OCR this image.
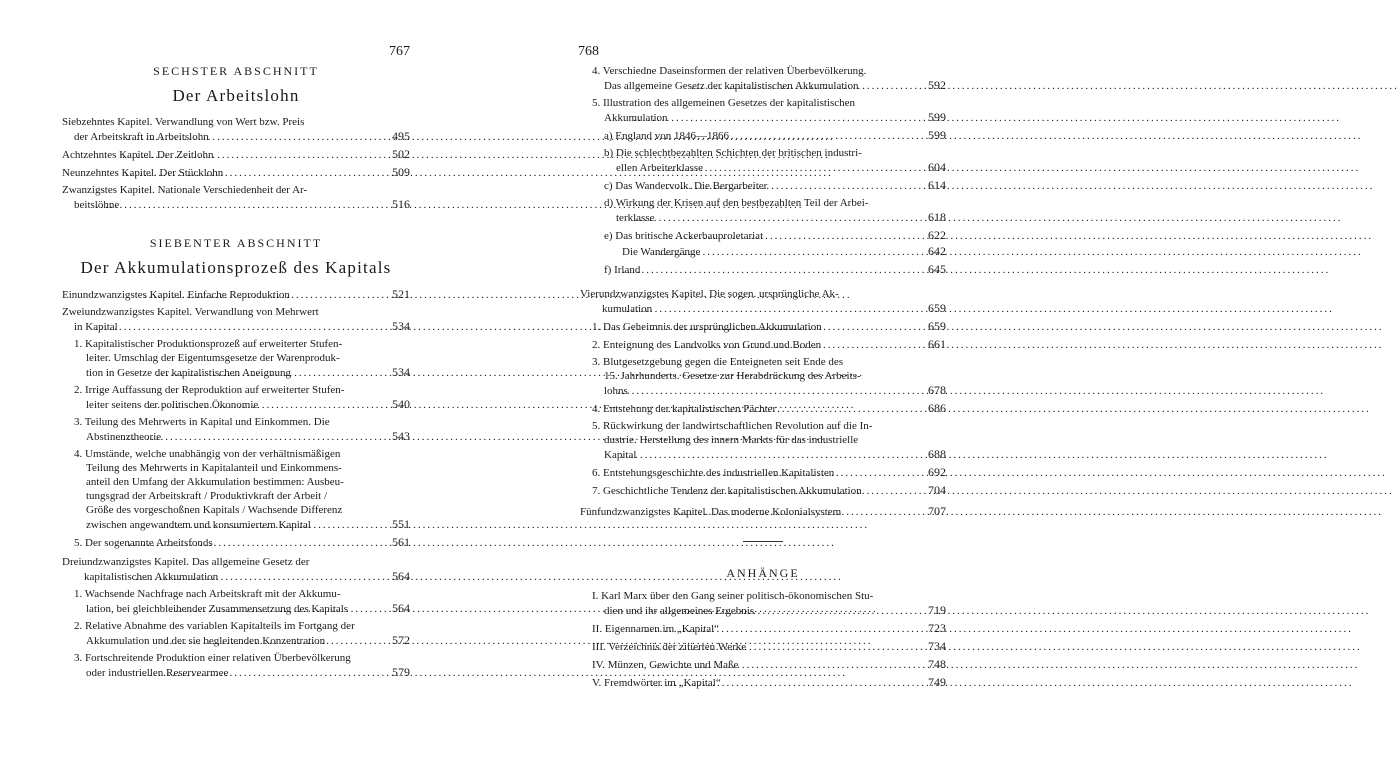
767
SECHSTER ABSCHNITT
Der Arbeitslohn
Siebzehntes Kapitel. Verwandlung von Wert bzw. Preis
der Arbeitskraft in Arbeitslohn .....	495
Achtzehntes Kapitel. Der Zeitlohn .....	502
Neunzehntes Kapitel. Der Stücklohn .....	509
Zwanzigstes Kapitel. Nationale Verschiedenheit der Ar-
beitslöhne .....	516
SIEBENTER ABSCHNITT
Der Akkumulationsprozeß des Kapitals
Einundzwanzigstes Kapitel. Einfache Reproduktion .....	521
Zweiundzwanzigstes Kapitel. Verwandlung von Mehrwert
in Kapital .....	534
1. Kapitalistischer Produktionsprozeß auf erweiterter Stufen-
leiter. Umschlag der Eigentumsgesetze der Warenproduk-
tion in Gesetze der kapitalistischen Aneignung .....	534
2. Irrige Auffassung der Reproduktion auf erweiterter Stufen-
leiter seitens der politischen Ökonomie .....	540
3. Teilung des Mehrwerts in Kapital und Einkommen. Die
Abstinenztheorie .....	543
4. Umstände, welche unabhängig von der verhältnismäßigen
Teilung des Mehrwerts in Kapitalanteil und Einkommens-
anteil den Umfang der Akkumulation bestimmen: Ausbeu-
tungsgrad der Arbeitskraft / Produktivkraft der Arbeit /
Größe des vorgeschoßnen Kapitals / Wachsende Differenz
zwischen angewandtem und konsumiertem Kapital .....	551
5. Der sogenannte Arbeitsfonds .....	561
Dreiundzwanzigstes Kapitel. Das allgemeine Gesetz der
kapitalistischen Akkumulation .....	564
1. Wachsende Nachfrage nach Arbeitskraft mit der Akkumu-
lation, bei gleichbleibender Zusammensetzung des Kapitals .....	564
2. Relative Abnahme des variablen Kapitalteils im Fortgang der
Akkumulation und der sie begleitenden Konzentration .....	572
3. Fortschreitende Produktion einer relativen Überbevölkerung
oder industriellen Reservearmee .....	579
768
4. Verschiedne Daseinsformen der relativen Überbevölkerung.
Das allgemeine Gesetz der kapitalistischen Akkumulation .....	592
5. Illustration des allgemeinen Gesetzes der kapitalistischen
Akkumulation .....	599
a) England von 1846—1866 .....	599
b) Die schlechtbezahlten Schichten der britischen industri-
ellen Arbeiterklasse .....	604
c) Das Wandervolk. Die Bergarbeiter .....	614
d) Wirkung der Krisen auf den bestbezahlten Teil der Arbei-
terklasse .....	618
e) Das britische Ackerbauproletariat .....	622
Die Wandergänge .....	642
f) Irland .....	645
Vierundzwanzigstes Kapitel. Die sogen. ursprüngliche Ak-
kumulation .....	659
1. Das Geheimnis der ursprünglichen Akkumulation .....	659
2. Enteignung des Landvolks von Grund und Boden .....	661
3. Blutgesetzgebung gegen die Enteigneten seit Ende des
15. Jahrhunderts. Gesetze zur Herabdrückung des Arbeits-
lohns .....	678
4. Entstehung der kapitalistischen Pächter .....	686
5. Rückwirkung der landwirtschaftlichen Revolution auf die In-
dustrie. Herstellung des innern Markts für das industrielle
Kapital .....	688
6. Entstehungsgeschichte des industriellen Kapitalisten .....	692
7. Geschichtliche Tendenz der kapitalistischen Akkumulation .....	704
Fünfundzwanzigstes Kapitel. Das moderne Kolonialsystem .....	707
ANHÄNGE
I. Karl Marx über den Gang seiner politisch-ökonomischen Stu-
dien und ihr allgemeines Ergebnis .....	719
II. Eigennamen im „Kapital“ .....	723
III. Verzeichnis der zitierten Werke .....	734
IV. Münzen, Gewichte und Maße .....	748
V. Fremdwörter im „Kapital“ .....	749
